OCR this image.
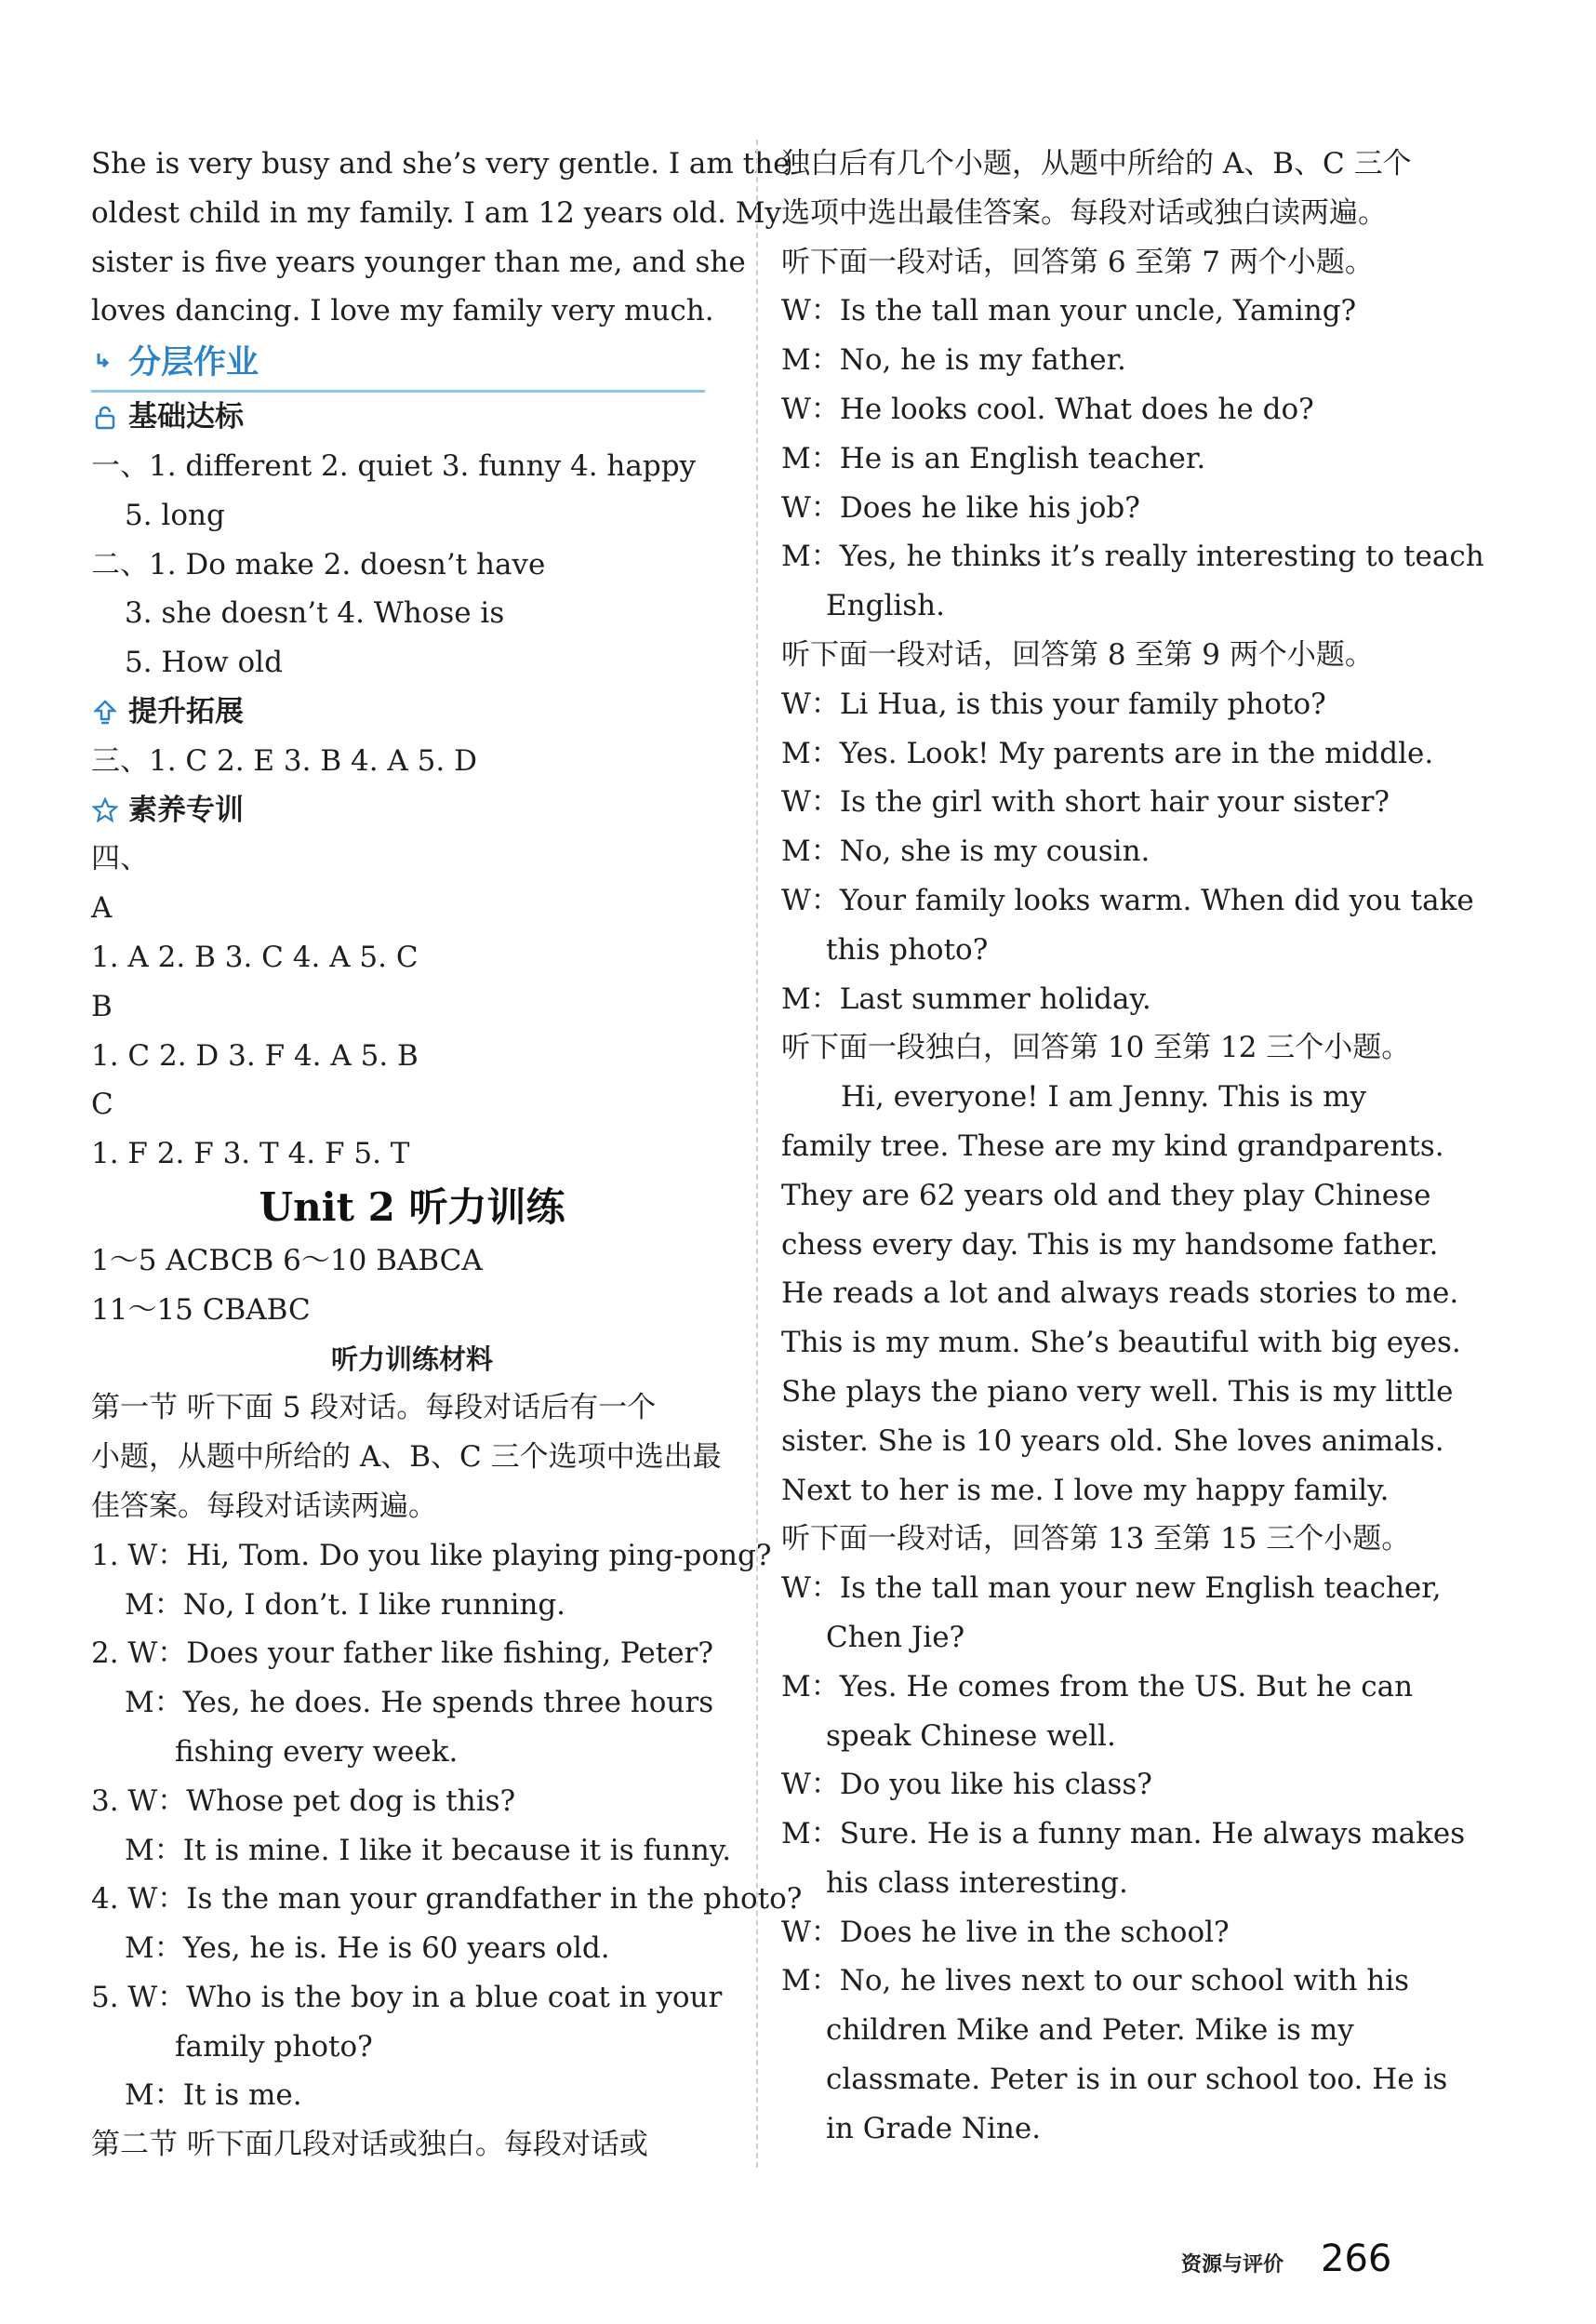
She is very busy and she’s very gentle. I am the
oldest child in my family. I am 12 years old. My
sister is five years younger than me, and she
loves dancing. I love my family very much.
分层作业
基础达标
一、1. different 2. quiet 3. funny 4. happy
5. long
二、1. Do make 2. doesn’t have
3. she doesn’t 4. Whose is
5. How old
提升拓展
三、1. C 2. E 3. B 4. A 5. D
素养专训
四、
A
1. A 2. B 3. C 4. A 5. C
B
1. C 2. D 3. F 4. A 5. B
C
1. F 2. F 3. T 4. F 5. T
Unit 2 听力训练
1～5 ACBCB 6～10 BABCA
11～15 CBABC
听力训练材料
第一节 听下面 5 段对话。每段对话后有一个
小题，从题中所给的 A、B、C 三个选项中选出最
佳答案。每段对话读两遍。
1. W：Hi, Tom. Do you like playing ping-pong?
M：No, I don’t. I like running.
2. W：Does your father like fishing, Peter?
M：Yes, he does. He spends three hours
fishing every week.
3. W：Whose pet dog is this?
M：It is mine. I like it because it is funny.
4. W：Is the man your grandfather in the photo?
M：Yes, he is. He is 60 years old.
5. W：Who is the boy in a blue coat in your
family photo?
M：It is me.
第二节 听下面几段对话或独白。每段对话或
独白后有几个小题，从题中所给的 A、B、C 三个
选项中选出最佳答案。每段对话或独白读两遍。
听下面一段对话，回答第 6 至第 7 两个小题。
W：Is the tall man your uncle, Yaming?
M：No, he is my father.
W：He looks cool. What does he do?
M：He is an English teacher.
W：Does he like his job?
M：Yes, he thinks it’s really interesting to teach
English.
听下面一段对话，回答第 8 至第 9 两个小题。
W：Li Hua, is this your family photo?
M：Yes. Look! My parents are in the middle.
W：Is the girl with short hair your sister?
M：No, she is my cousin.
W：Your family looks warm. When did you take
this photo?
M：Last summer holiday.
听下面一段独白，回答第 10 至第 12 三个小题。
Hi, everyone! I am Jenny. This is my
family tree. These are my kind grandparents.
They are 62 years old and they play Chinese
chess every day. This is my handsome father.
He reads a lot and always reads stories to me.
This is my mum. She’s beautiful with big eyes.
She plays the piano very well. This is my little
sister. She is 10 years old. She loves animals.
Next to her is me. I love my happy family.
听下面一段对话，回答第 13 至第 15 三个小题。
W：Is the tall man your new English teacher,
Chen Jie?
M：Yes. He comes from the US. But he can
speak Chinese well.
W：Do you like his class?
M：Sure. He is a funny man. He always makes
his class interesting.
W：Does he live in the school?
M：No, he lives next to our school with his
children Mike and Peter. Mike is my
classmate. Peter is in our school too. He is
in Grade Nine.
资源与评价 266
